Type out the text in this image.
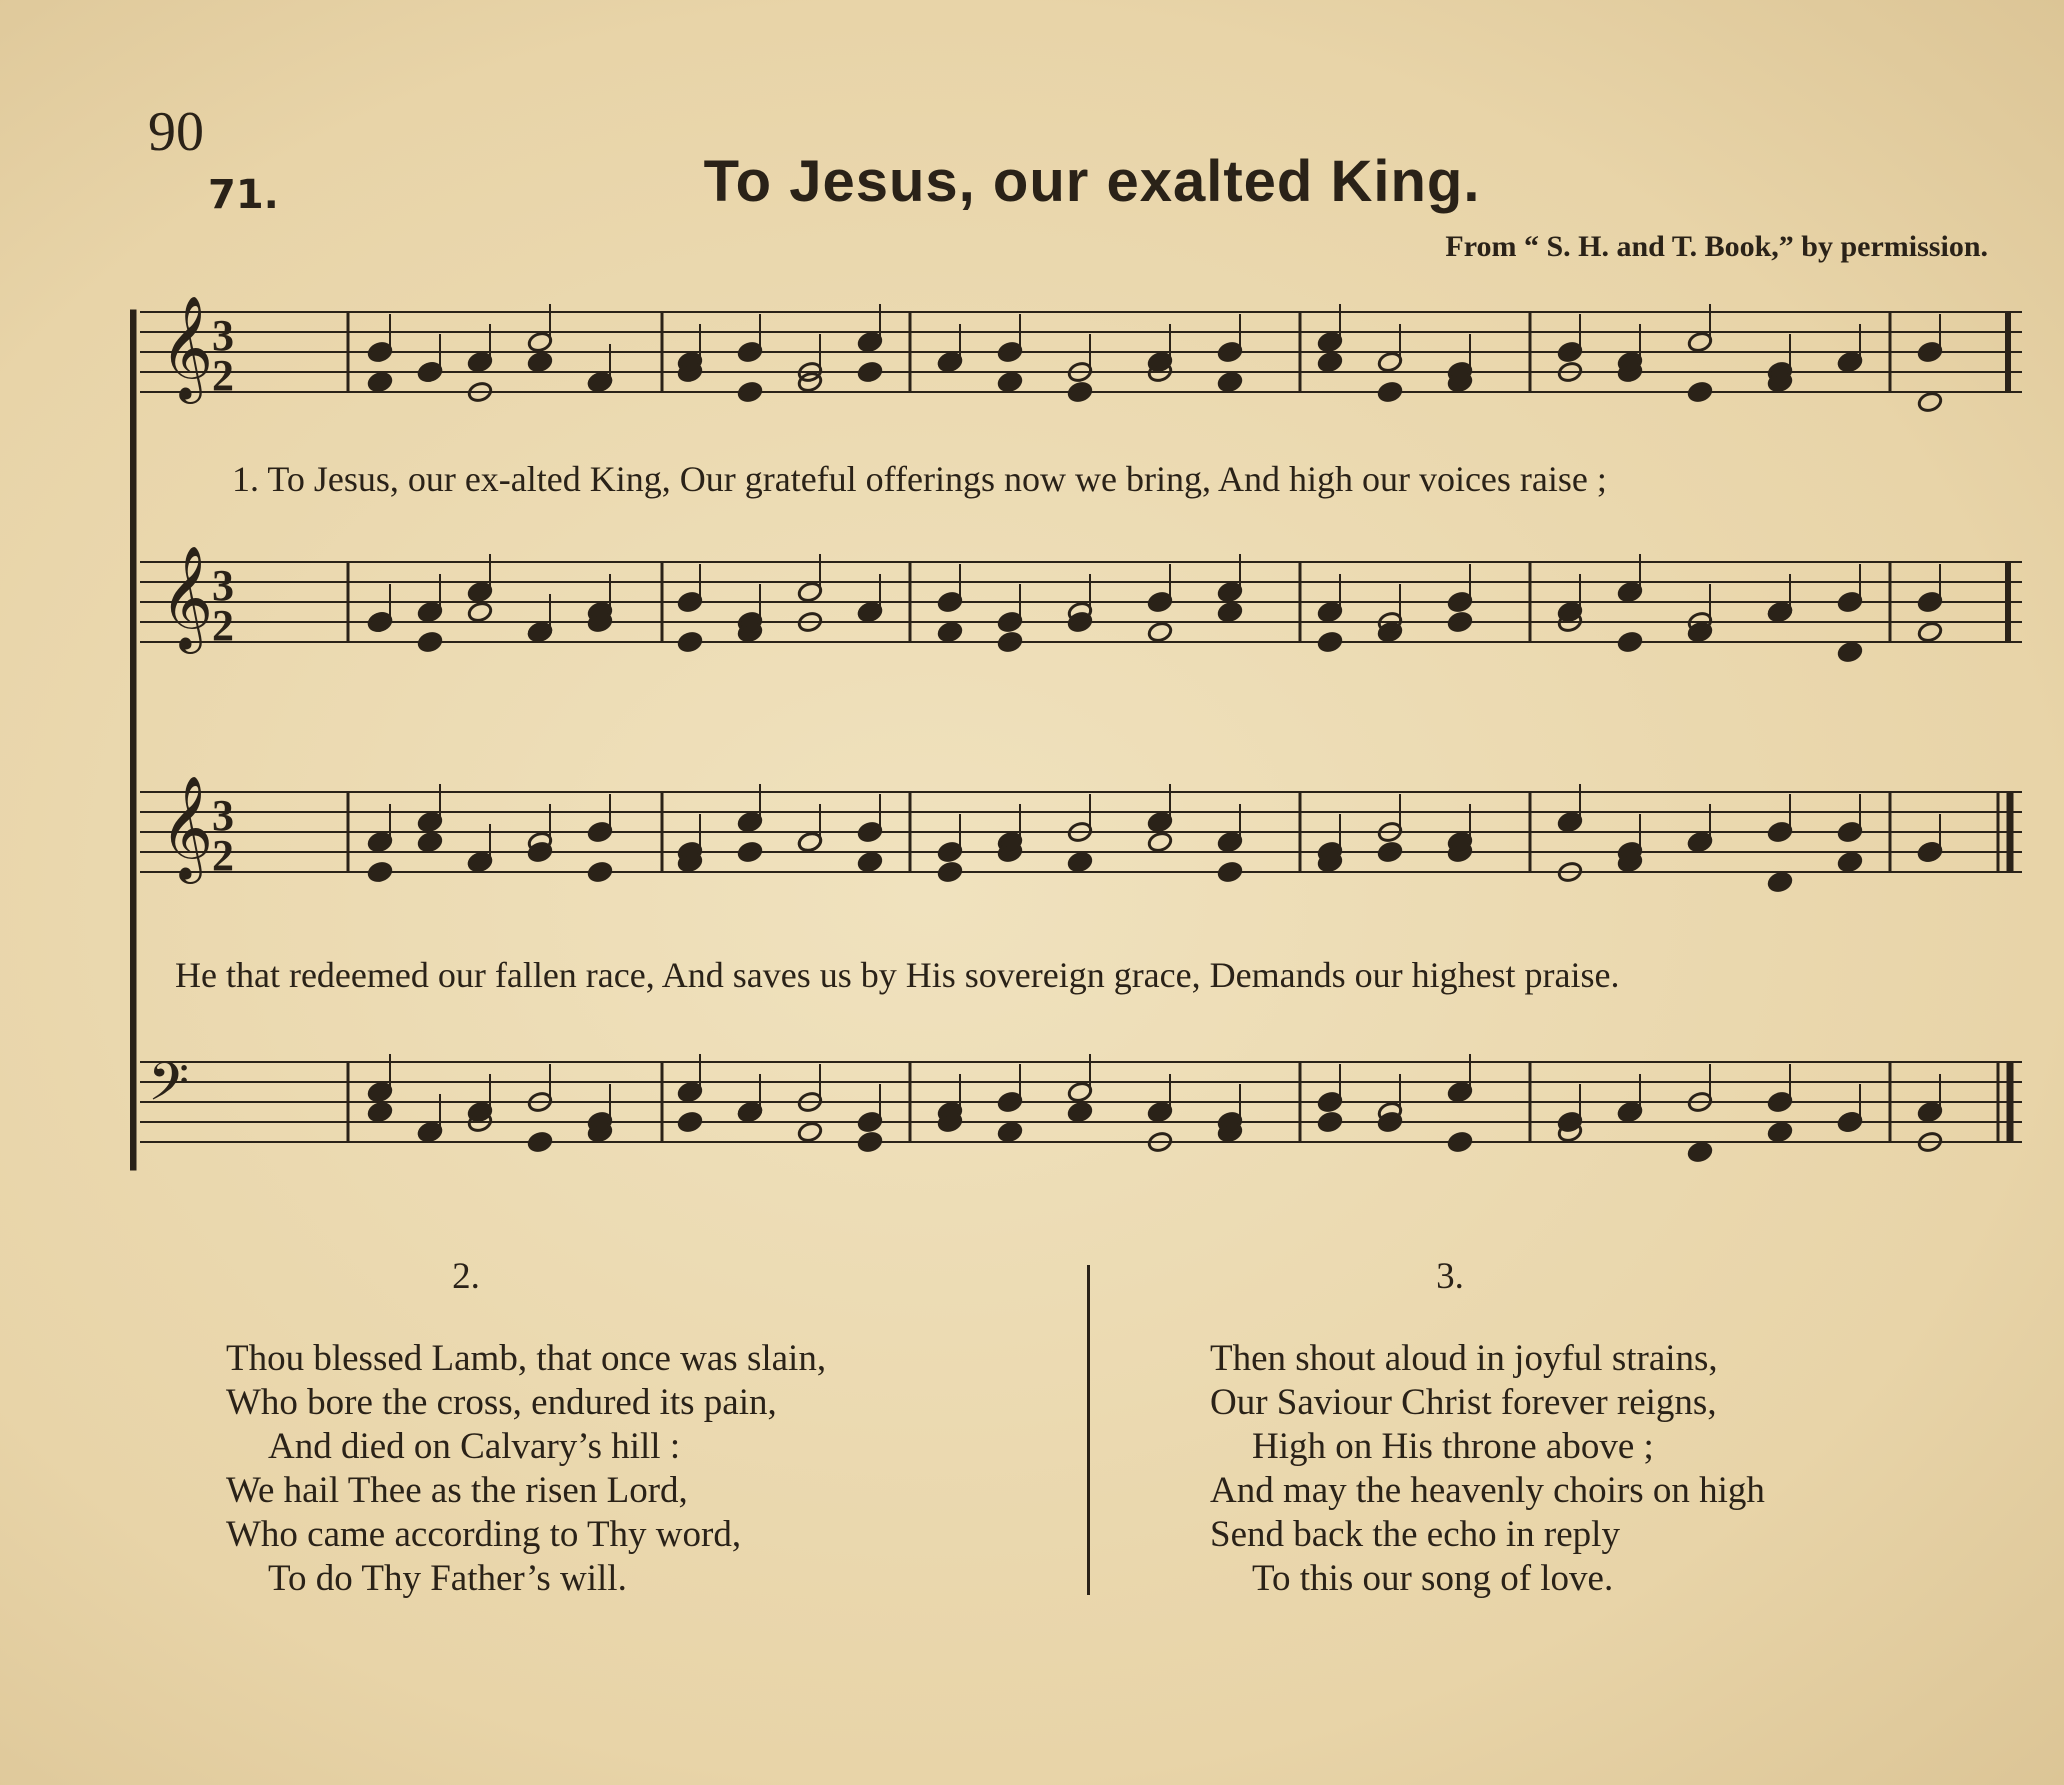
90
71.	To Jesus, our exalted King.
From “ S. H. and T. Book,” by permission.
𝄞
𝄞
𝄞
𝄢
3
2
3
2
3
2
1. To Jesus, our ex-alted King, Our grateful offerings now we bring, And high our voices raise ;
He that redeemed our fallen race, And saves us by His sovereign grace, Demands our highest praise.
2.
Thou blessed Lamb, that once was slain,
Who bore the cross, endured its pain,
And died on Calvary’s hill :
We hail Thee as the risen Lord,
Who came according to Thy word,
To do Thy Father’s will.
3.
Then shout aloud in joyful strains,
Our Saviour Christ forever reigns,
High on His throne above ;
And may the heavenly choirs on high
Send back the echo in reply
To this our song of love.
